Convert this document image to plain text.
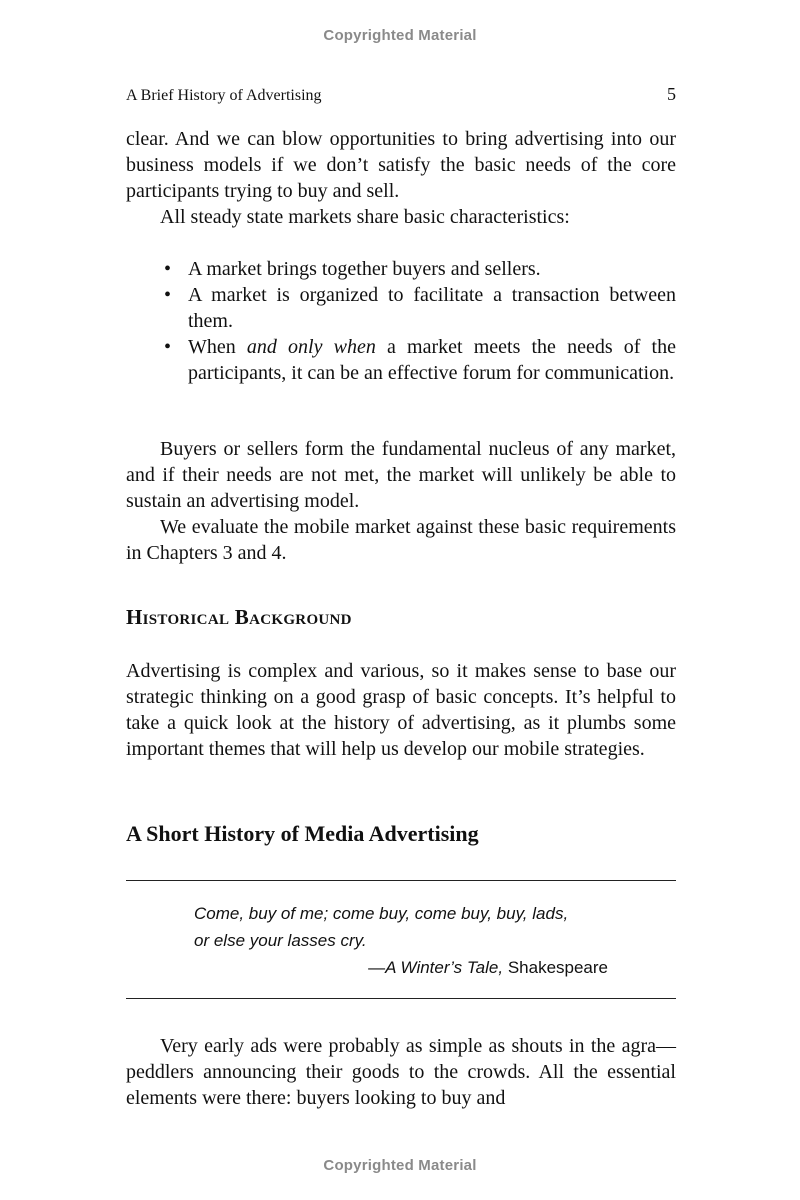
Copyrighted Material
A Brief History of Advertising	5

clear. And we can blow opportunities to bring advertising into our business models if we don’t satisfy the basic needs of the core participants trying to buy and sell.

All steady state markets share basic characteristics:

• A market brings together buyers and sellers.
• A market is organized to facilitate a transaction between them.
• When and only when a market meets the needs of the participants, it can be an effective forum for communication.

Buyers or sellers form the fundamental nucleus of any market, and if their needs are not met, the market will unlikely be able to sustain an advertising model.

We evaluate the mobile market against these basic requirements in Chapters 3 and 4.

Historical Background

Advertising is complex and various, so it makes sense to base our strategic thinking on a good grasp of basic concepts. It’s helpful to take a quick look at the history of advertising, as it plumbs some important themes that will help us develop our mobile strategies.

A Short History of Media Advertising
Come, buy of me; come buy, come buy, buy, lads,
or else your lasses cry.
—A Winter’s Tale, Shakespeare

Very early ads were probably as simple as shouts in the agra—peddlers announcing their goods to the crowds. All the essential elements were there: buyers looking to buy and

Copyrighted Material
